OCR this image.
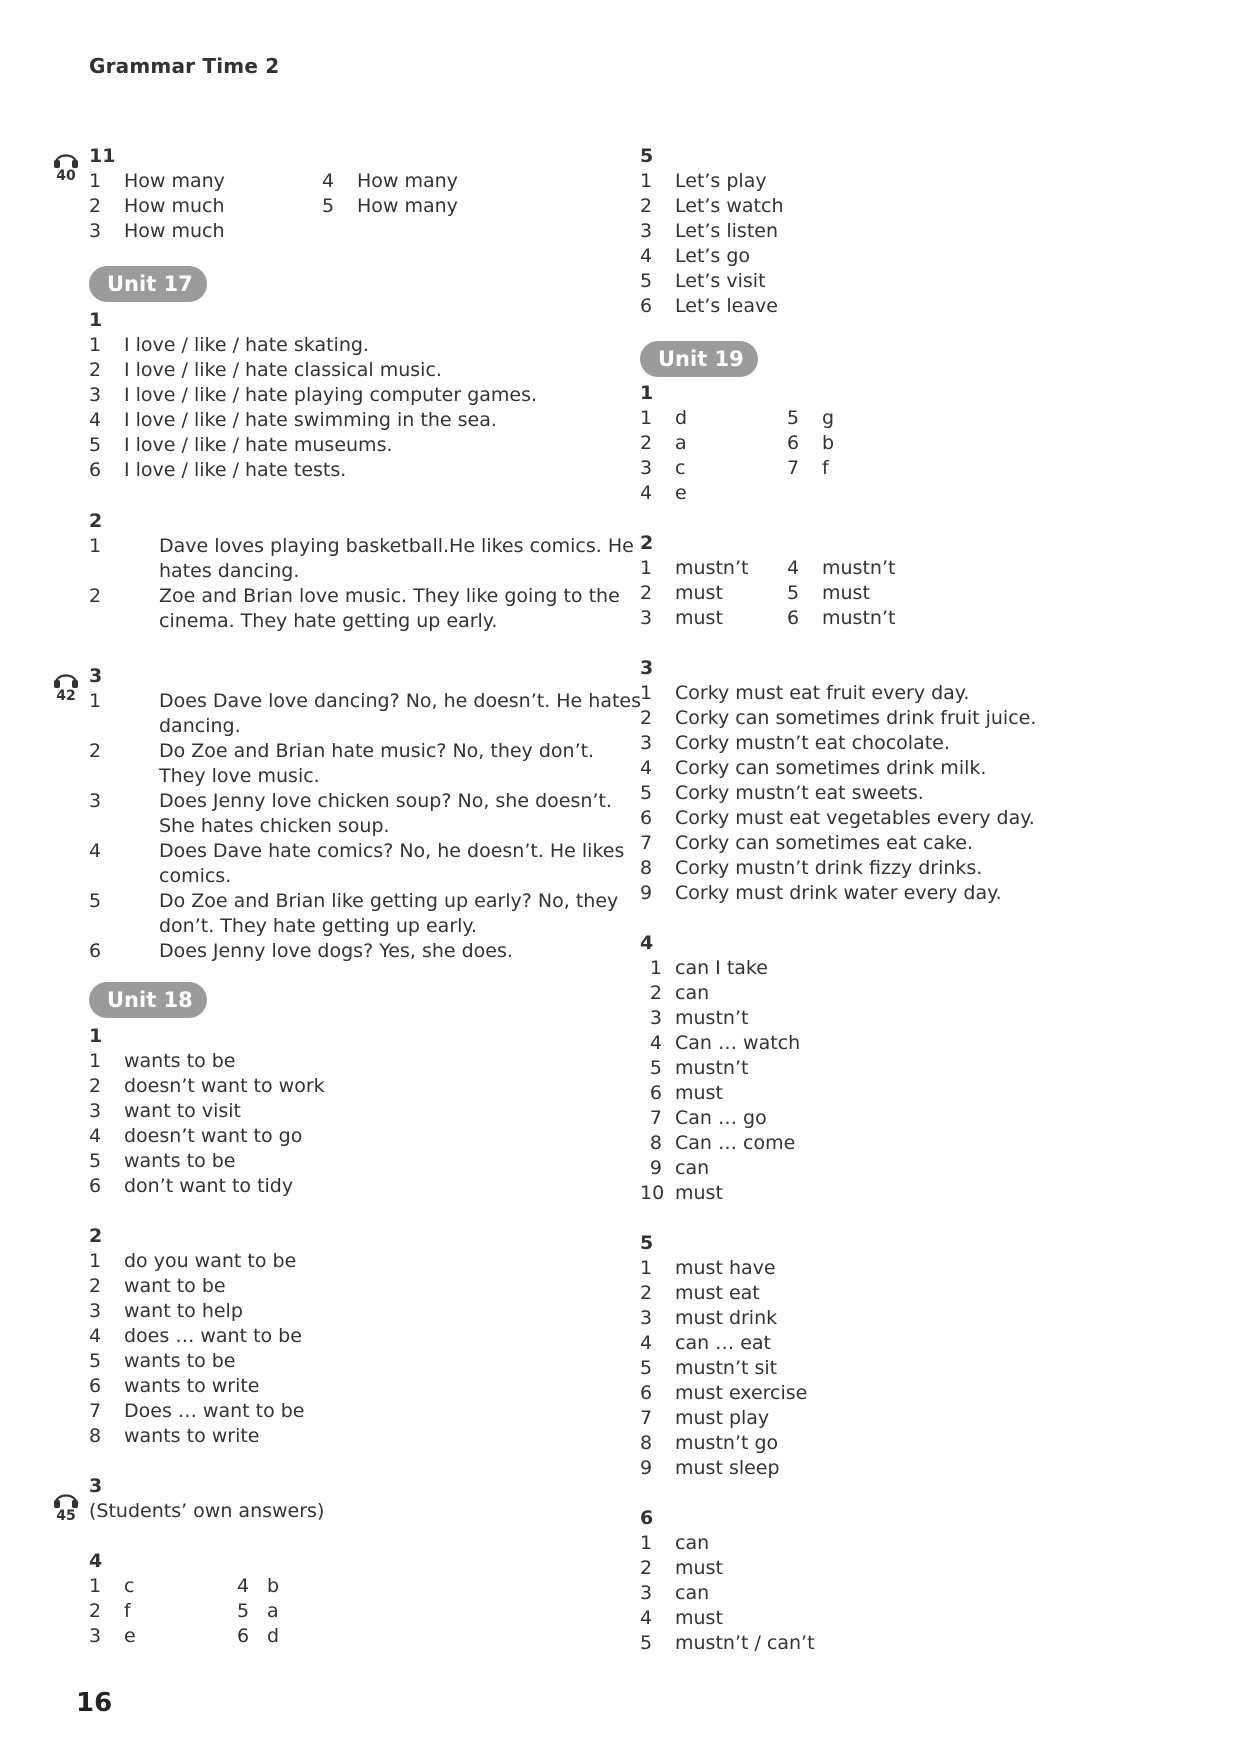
Grammar Time 2
40
42
45
11
1	How many	4 How many
2	How much	5 How many
3	How much
Unit 17
1
1	I love / like / hate skating.
2	I love / like / hate classical music.
3	I love / like / hate playing computer games.
4	I love / like / hate swimming in the sea.
5	I love / like / hate museums.
6	I love / like / hate tests.
2
1	Dave loves playing basketball.He likes comics. He hates dancing.
2	Zoe and Brian love music. They like going to the cinema. They hate getting up early.
3
1	Does Dave love dancing? No, he doesn’t. He hates dancing.
2	Do Zoe and Brian hate music? No, they don’t. They love music.
3	Does Jenny love chicken soup? No, she doesn’t. She hates chicken soup.
4	Does Dave hate comics? No, he doesn’t. He likes comics.
5	Do Zoe and Brian like getting up early? No, they don’t. They hate getting up early.
6	Does Jenny love dogs? Yes, she does.
Unit 18
1
1	wants to be
2	doesn’t want to work
3	want to visit
4	doesn’t want to go
5	wants to be
6	don’t want to tidy
2
1	do you want to be
2	want to be
3	want to help
4	does … want to be
5	wants to be
6	wants to write
7	Does … want to be
8	wants to write
3
(Students’ own answers)
4
1	c	4 b
2	f	5 a
3	e	6 d
5
1	Let’s play
2	Let’s watch
3	Let’s listen
4	Let’s go
5	Let’s visit
6	Let’s leave
Unit 19
1
1	d	5 g
2	a	6 b
3	c	7 f
4	e
2
1	mustn’t 4 mustn’t
2	must	5 must
3	must	6 mustn’t
3
1	Corky must eat fruit every day.
2	Corky can sometimes drink fruit juice.
3	Corky mustn’t eat chocolate.
4	Corky can sometimes drink milk.
5	Corky mustn’t eat sweets.
6	Corky must eat vegetables every day.
7	Corky can sometimes eat cake.
8	Corky mustn’t drink fizzy drinks.
9	Corky must drink water every day.
4
1 can I take
2 can
3 mustn’t
4 Can … watch
5 mustn’t
6 must
7 Can … go
8 Can … come
9 can
10 must
5
1	must have
2	must eat
3	must drink
4	can … eat
5	mustn’t sit
6	must exercise
7	must play
8	mustn’t go
9	must sleep
6
1	can
2	must
3	can
4	must
5	mustn’t / can’t
16
